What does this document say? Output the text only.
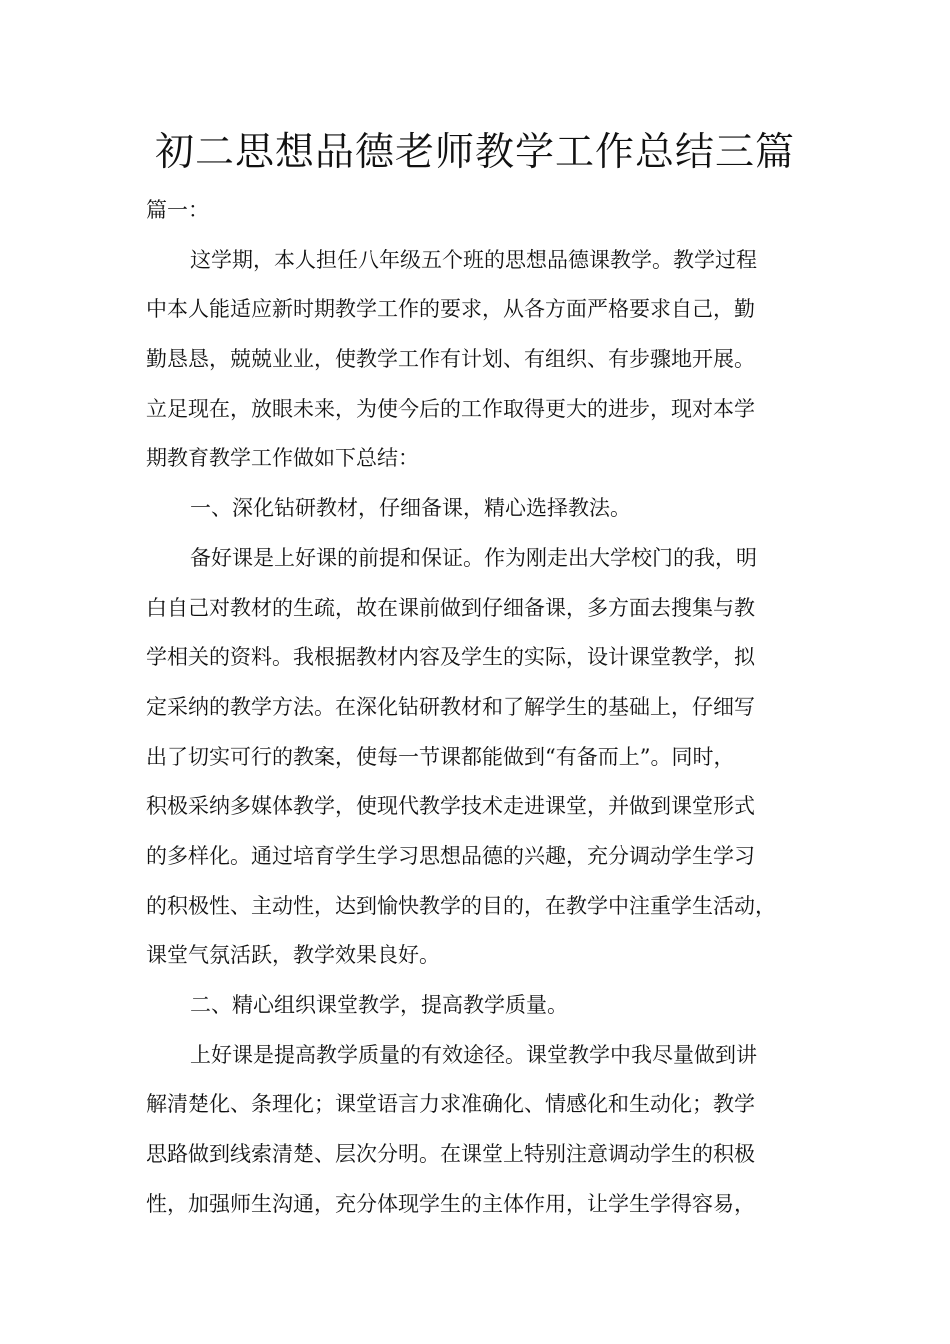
初二思想品德老师教学工作总结三篇
篇一：
这学期，本人担任八年级五个班的思想品德课教学。教学过程
中本人能适应新时期教学工作的要求，从各方面严格要求自己，勤
勤恳恳，兢兢业业，使教学工作有计划、有组织、有步骤地开展。
立足现在，放眼未来，为使今后的工作取得更大的进步，现对本学
期教育教学工作做如下总结：
一、深化钻研教材，仔细备课，精心选择教法。
备好课是上好课的前提和保证。作为刚走出大学校门的我，明
白自己对教材的生疏，故在课前做到仔细备课，多方面去搜集与教
学相关的资料。我根据教材内容及学生的实际，设计课堂教学，拟
定采纳的教学方法。在深化钻研教材和了解学生的基础上，仔细写
出了切实可行的教案，使每一节课都能做到“有备而上”。同时，
积极采纳多媒体教学，使现代教学技术走进课堂，并做到课堂形式
的多样化。通过培育学生学习思想品德的兴趣，充分调动学生学习
的积极性、主动性，达到愉快教学的目的，在教学中注重学生活动，
课堂气氛活跃，教学效果良好。
二、精心组织课堂教学，提高教学质量。
上好课是提高教学质量的有效途径。课堂教学中我尽量做到讲
解清楚化、条理化；课堂语言力求准确化、情感化和生动化；教学
思路做到线索清楚、层次分明。在课堂上特别注意调动学生的积极
性，加强师生沟通，充分体现学生的主体作用，让学生学得容易，
